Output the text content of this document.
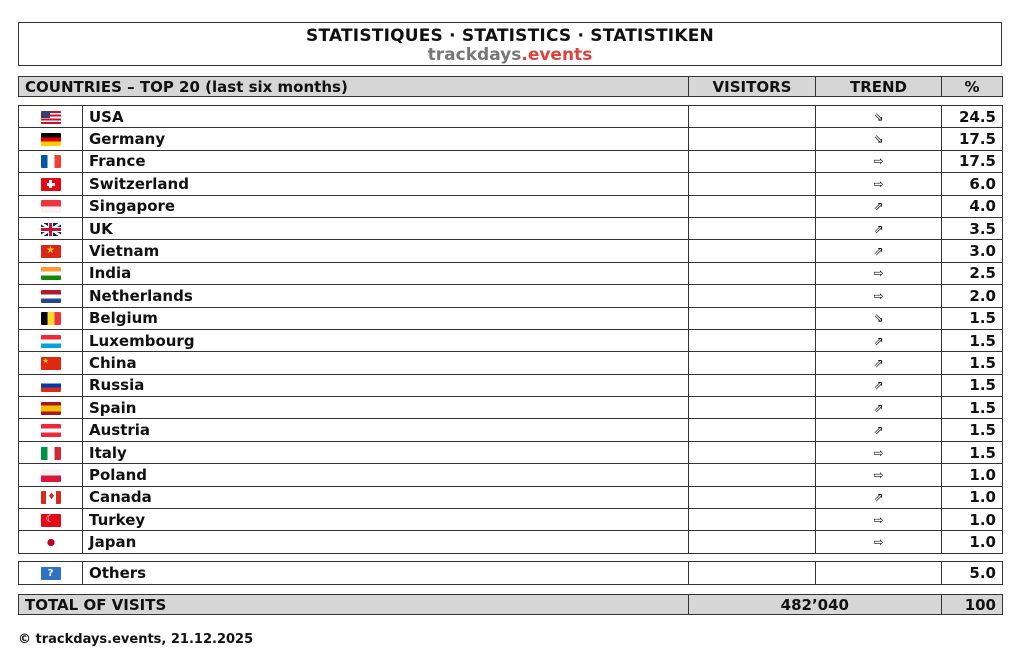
STATISTIQUES · STATISTICS · STATISTIKEN
trackdays.events
COUNTRIES – TOP 20 (last six months)	VISITORS	TREND	%
	USA		⇘	24.5
	Germany		⇘	17.5
	France		⇨	17.5
	Switzerland		⇨	6.0
	Singapore		⇗	4.0
	UK		⇗	3.5
★	Vietnam		⇗	3.0
	India		⇨	2.5
	Netherlands		⇨	2.0
	Belgium		⇘	1.5
	Luxembourg		⇗	1.5
★	China		⇗	1.5
	Russia		⇗	1.5
	Spain		⇗	1.5
	Austria		⇗	1.5
	Italy		⇨	1.5
	Poland		⇨	1.0
♦	Canada		⇗	1.0
☾	Turkey		⇨	1.0
	Japan		⇨	1.0
?	Others			5.0
TOTAL OF VISITS	482’040	100
© trackdays.events, 21.12.2025
